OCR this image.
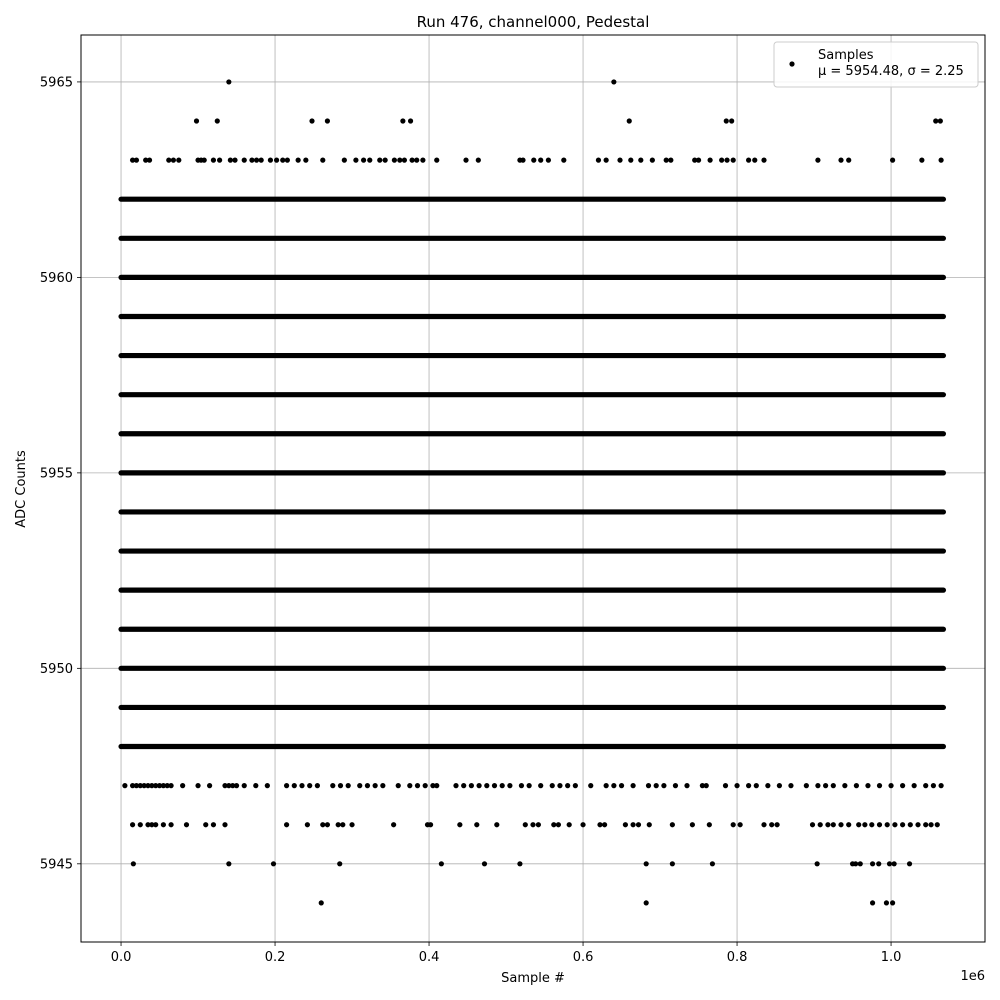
0.0	0.2	0.4	0.6	0.8	1.0
5945
5950
5955
5960
5965
Run 476, channel000, Pedestal
Sample #
ADC Counts
1e6
Samples
μ = 5954.48, σ = 2.25
